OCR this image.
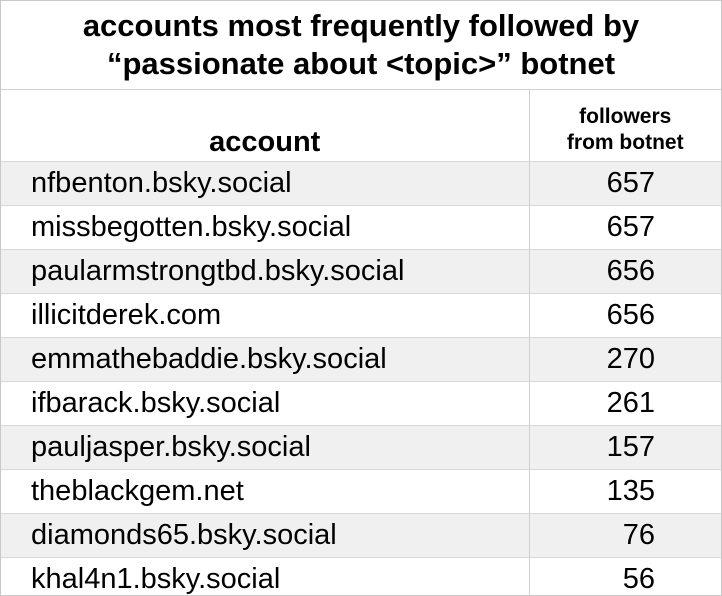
accounts most frequently followed by
“passionate about <topic>” botnet
account	followers
from botnet

nfbenton.bsky.social	657
missbegotten.bsky.social	657
paularmstrongtbd.bsky.social	656
illicitderek.com	656
emmathebaddie.bsky.social	270
ifbarack.bsky.social	261
pauljasper.bsky.social	157
theblackgem.net	135
diamonds65.bsky.social	76
khal4n1.bsky.social	56
